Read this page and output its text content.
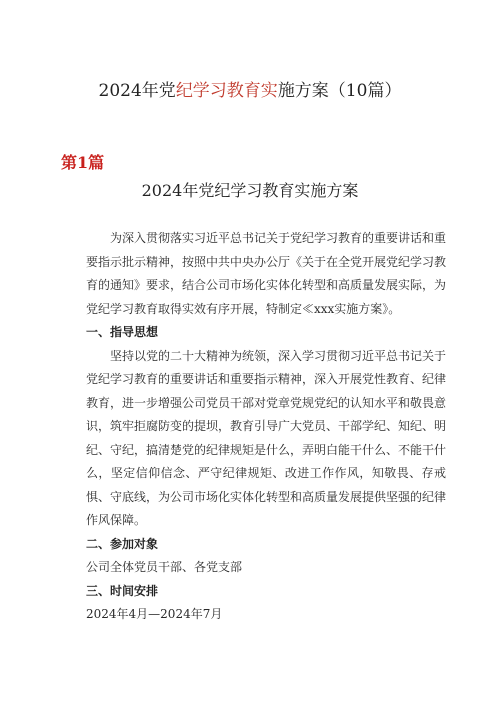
2024年党纪学习教育实施方案（10篇）
第1篇
2024年党纪学习教育实施方案

为深入贯彻落实习近平总书记关于党纪学习教育的重要讲话和重要指示批示精神，按照中共中央办公厅《关于在全党开展党纪学习教育的通知》要求，结合公司市场化实体化转型和高质量发展实际，为党纪学习教育取得实效有序开展，特制定≪xxx实施方案》。

一、指导思想

坚持以党的二十大精神为统领，深入学习贯彻习近平总书记关于党纪学习教育的重要讲话和重要指示精神，深入开展党性教育、纪律教育，进一步增强公司党员干部对党章党规党纪的认知水平和敬畏意识，筑牢拒腐防变的提坝，教育引导广大党员、干部学纪、知纪、明纪、守纪，搞清楚党的纪律规矩是什么，弄明白能干什么、不能干什么，坚定信仰信念、严守纪律规矩、改进工作作风，知敬畏、存戒惧、守底线，为公司市场化实体化转型和高质量发展提供坚强的纪律作风保障。

二、参加对象

公司全体党员干部、各党支部

三、时间安排

2024年4月—2024年7月
